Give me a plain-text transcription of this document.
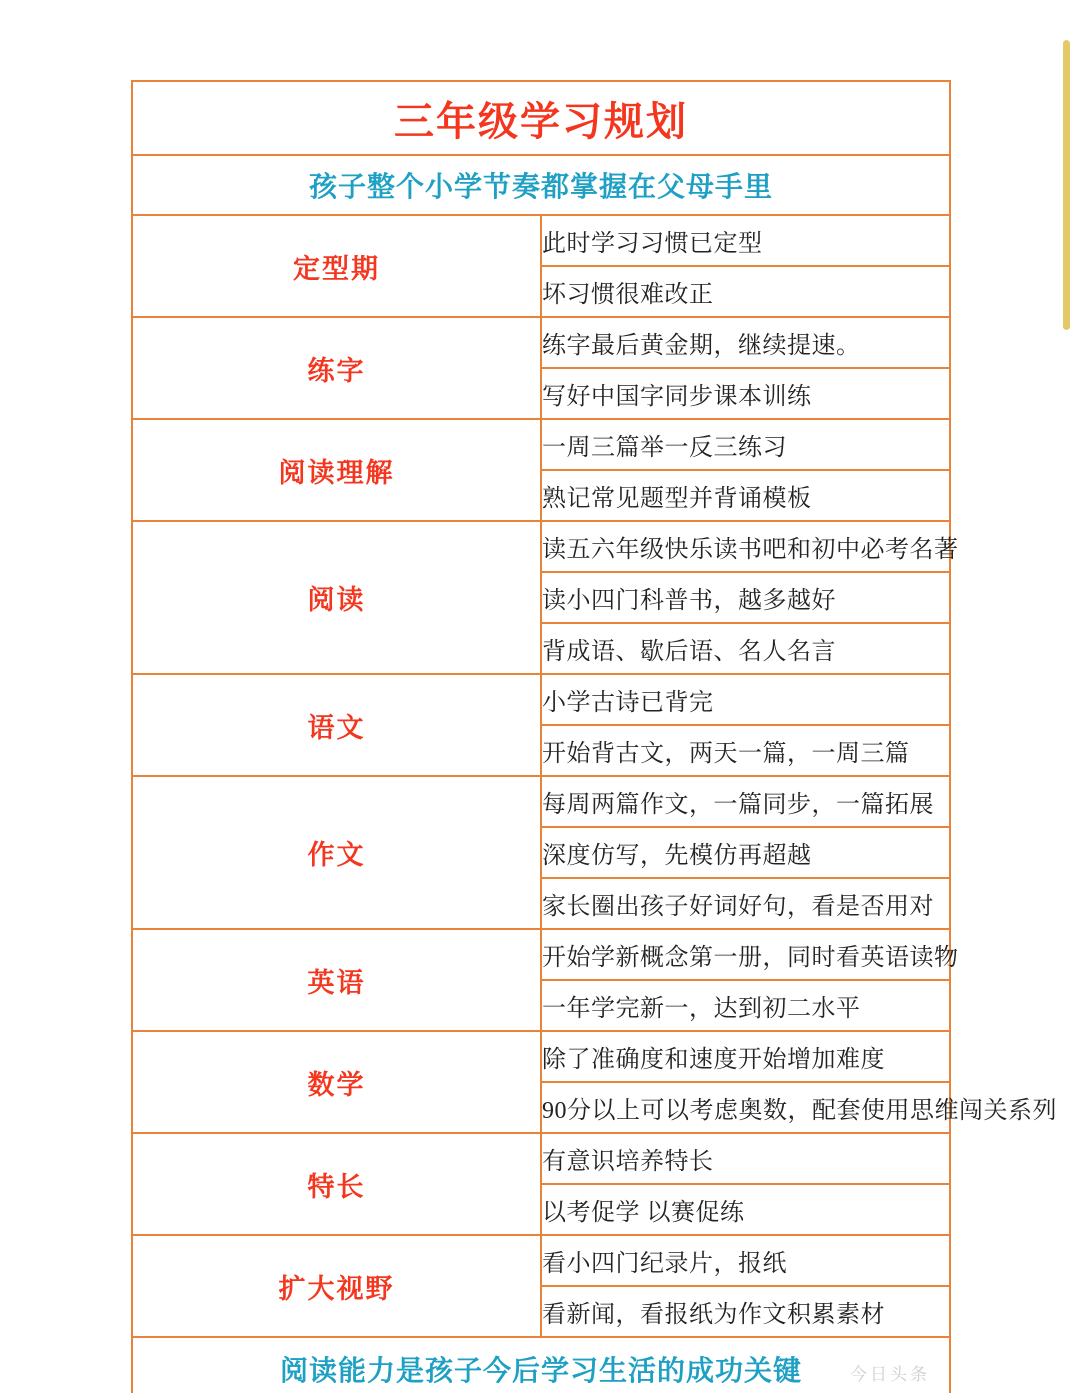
三年级学习规划	
孩子整个小学节奏都掌握在父母手里	
定型期	此时学习习惯已定型
	坏习惯很难改正
练字	练字最后黄金期，继续提速。
	写好中国字同步课本训练
阅读理解	一周三篇举一反三练习
	熟记常见题型并背诵模板
阅读	读五六年级快乐读书吧和初中必考名著
	读小四门科普书，越多越好
	背成语、歇后语、名人名言
语文	小学古诗已背完
	开始背古文，两天一篇，一周三篇
作文	每周两篇作文，一篇同步，一篇拓展
	深度仿写，先模仿再超越
	家长圈出孩子好词好句，看是否用对
英语	开始学新概念第一册，同时看英语读物
	一年学完新一，达到初二水平
数学	除了准确度和速度开始增加难度
	90分以上可以考虑奥数，配套使用思维闯关系列
特长	有意识培养特长
	以考促学 以赛促练
扩大视野	看小四门纪录片，报纸
	看新闻，看报纸为作文积累素材
阅读能力是孩子今后学习生活的成功关键		今日头条
